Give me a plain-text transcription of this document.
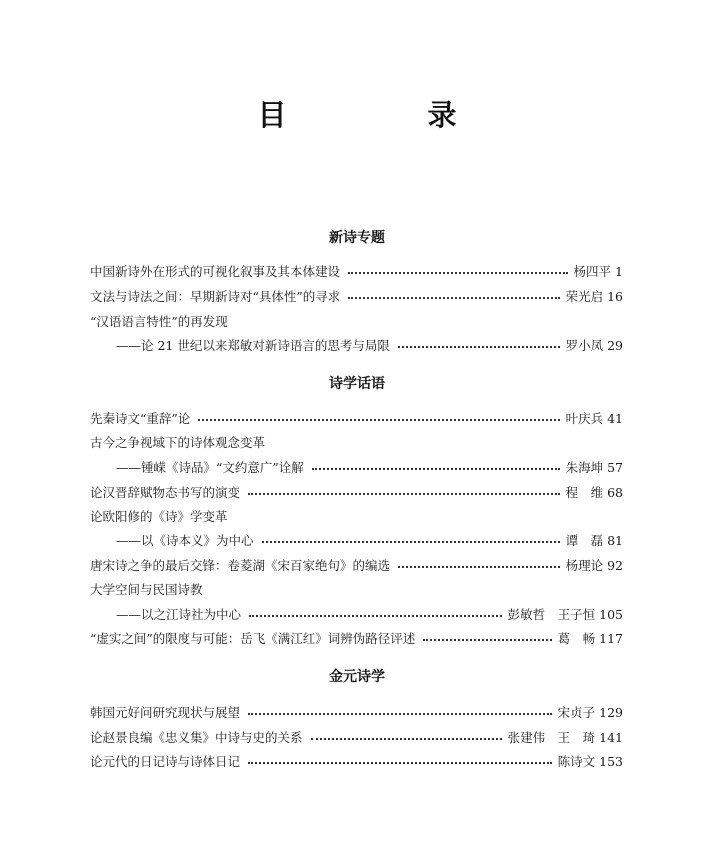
目　录
新诗专题
中国新诗外在形式的可视化叙事及其本体建设	杨四平 1
文法与诗法之间：早期新诗对“具体性”的寻求	荣光启 16
“汉语语言特性”的再发现
——论 21 世纪以来郑敏对新诗语言的思考与局限	罗小凤 29
诗学话语
先秦诗文“重辞”论	叶庆兵 41
古今之争视域下的诗体观念变革
——锺嵘《诗品》“文约意广”诠解	朱海坤 57
论汉晋辞赋物态书写的演变	程　维 68
论欧阳修的《诗》学变革
——以《诗本义》为中心	谭　磊 81
唐宋诗之争的最后交锋：卷菱湖《宋百家绝句》的编选	杨理论 92
大学空间与民国诗教
——以之江诗社为中心	彭敏哲　王子恒 105
“虚实之间”的限度与可能：岳飞《满江红》词辨伪路径评述	葛　畅 117
金元诗学
韩国元好问研究现状与展望	宋贞子 129
论赵景良编《忠义集》中诗与史的关系	张建伟　王　琦 141
论元代的日记诗与诗体日记	陈诗文 153
